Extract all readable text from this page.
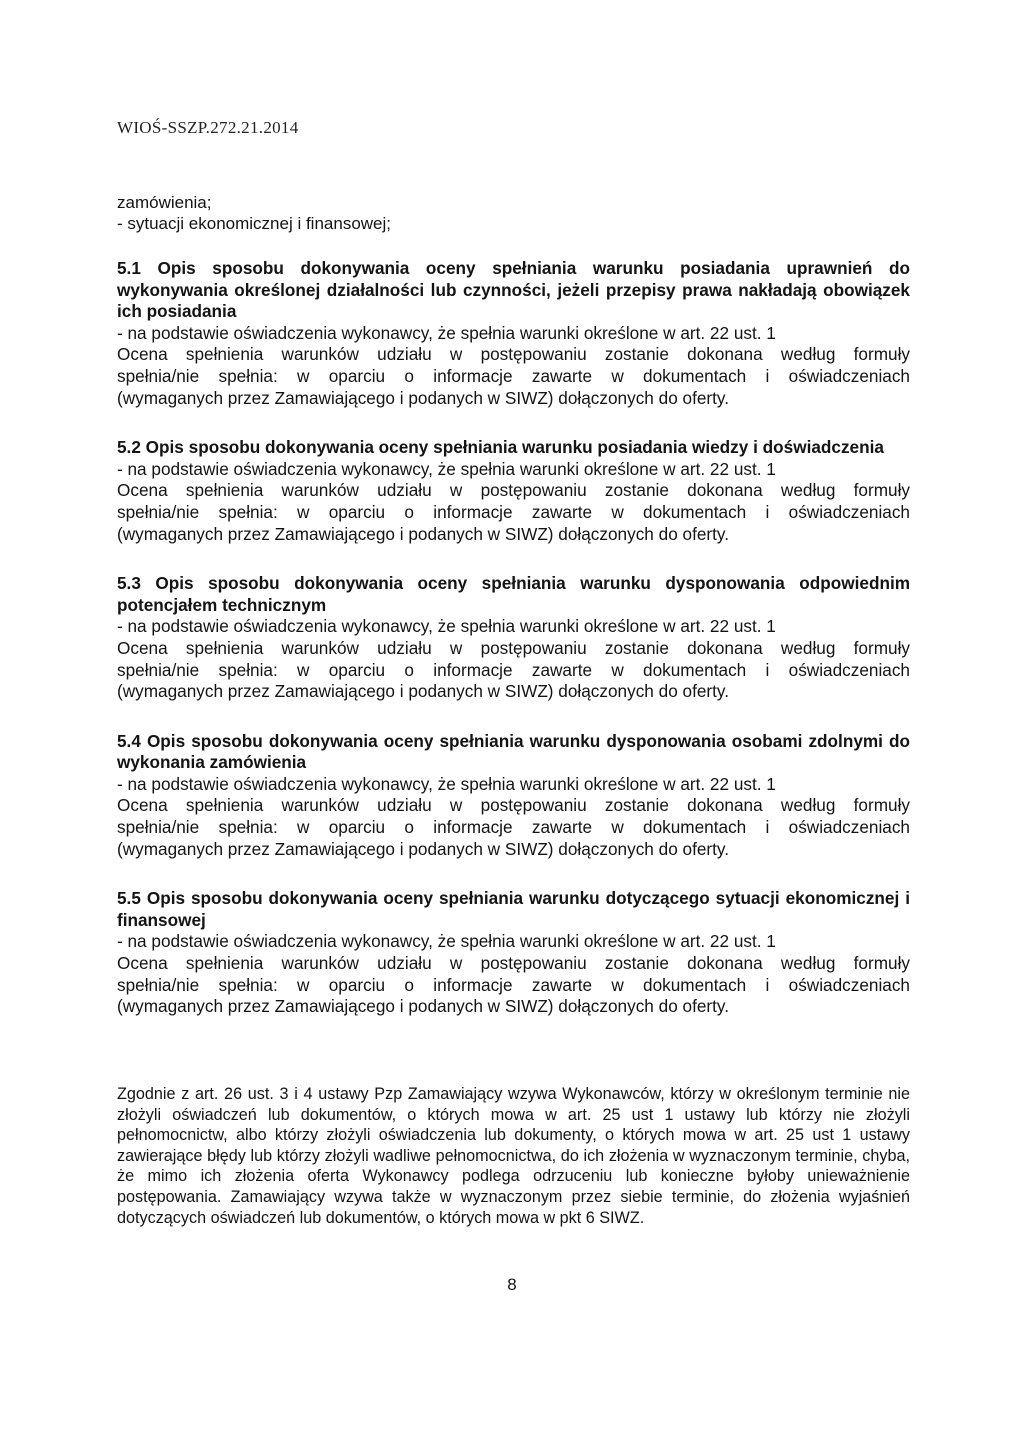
WIOŚ-SSZP.272.21.2014
zamówienia;
- sytuacji ekonomicznej i finansowej;
5.1 Opis sposobu dokonywania oceny spełniania warunku posiadania uprawnień do wykonywania określonej działalności lub czynności, jeżeli przepisy prawa nakładają obowiązek ich posiadania
- na podstawie oświadczenia wykonawcy, że spełnia warunki określone w art. 22 ust. 1
Ocena spełnienia warunków udziału w postępowaniu zostanie dokonana według formuły
spełnia/nie spełnia: w oparciu o informacje zawarte w dokumentach i oświadczeniach
(wymaganych przez Zamawiającego i podanych w SIWZ) dołączonych do oferty.
5.2 Opis sposobu dokonywania oceny spełniania warunku posiadania wiedzy i doświadczenia
- na podstawie oświadczenia wykonawcy, że spełnia warunki określone w art. 22 ust. 1
Ocena spełnienia warunków udziału w postępowaniu zostanie dokonana według formuły
spełnia/nie spełnia: w oparciu o informacje zawarte w dokumentach i oświadczeniach
(wymaganych przez Zamawiającego i podanych w SIWZ) dołączonych do oferty.
5.3 Opis sposobu dokonywania oceny spełniania warunku dysponowania odpowiednim potencjałem technicznym
- na podstawie oświadczenia wykonawcy, że spełnia warunki określone w art. 22 ust. 1
Ocena spełnienia warunków udziału w postępowaniu zostanie dokonana według formuły
spełnia/nie spełnia: w oparciu o informacje zawarte w dokumentach i oświadczeniach
(wymaganych przez Zamawiającego i podanych w SIWZ) dołączonych do oferty.
5.4 Opis sposobu dokonywania oceny spełniania warunku dysponowania osobami zdolnymi do wykonania zamówienia
- na podstawie oświadczenia wykonawcy, że spełnia warunki określone w art. 22 ust. 1
Ocena spełnienia warunków udziału w postępowaniu zostanie dokonana według formuły
spełnia/nie spełnia: w oparciu o informacje zawarte w dokumentach i oświadczeniach
(wymaganych przez Zamawiającego i podanych w SIWZ) dołączonych do oferty.
5.5 Opis sposobu dokonywania oceny spełniania warunku dotyczącego sytuacji ekonomicznej i finansowej
- na podstawie oświadczenia wykonawcy, że spełnia warunki określone w art. 22 ust. 1
Ocena spełnienia warunków udziału w postępowaniu zostanie dokonana według formuły
spełnia/nie spełnia: w oparciu o informacje zawarte w dokumentach i oświadczeniach
(wymaganych przez Zamawiającego i podanych w SIWZ) dołączonych do oferty.
Zgodnie z art. 26 ust. 3 i 4 ustawy Pzp Zamawiający wzywa Wykonawców, którzy w określonym terminie nie złożyli oświadczeń lub dokumentów, o których mowa w art. 25 ust 1 ustawy lub którzy nie złożyli pełnomocnictw, albo którzy złożyli oświadczenia lub dokumenty, o których mowa w art. 25 ust 1 ustawy zawierające błędy lub którzy złożyli wadliwe pełnomocnictwa, do ich złożenia w wyznaczonym terminie, chyba, że mimo ich złożenia oferta Wykonawcy podlega odrzuceniu lub konieczne byłoby unieważnienie postępowania. Zamawiający wzywa także w wyznaczonym przez siebie terminie, do złożenia wyjaśnień dotyczących oświadczeń lub dokumentów, o których mowa w pkt 6 SIWZ.
8
